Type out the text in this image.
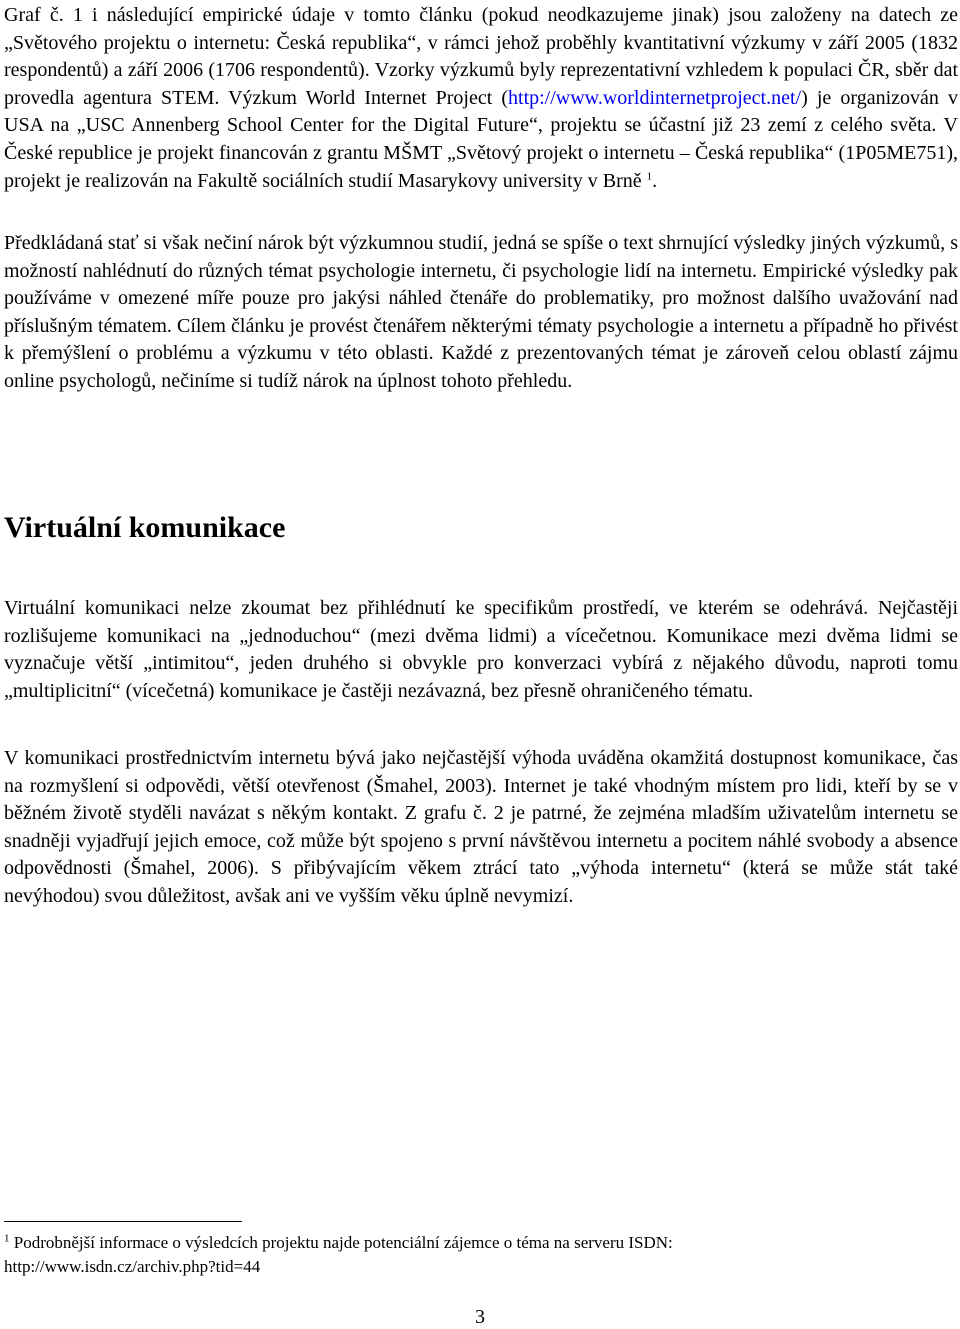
Graf č. 1 i následující empirické údaje v tomto článku (pokud neodkazujeme jinak) jsou založeny na datech ze „Světového projektu o internetu: Česká republika“, v rámci jehož proběhly kvantitativní výzkumy v září 2005 (1832 respondentů) a září 2006 (1706 respondentů). Vzorky výzkumů byly reprezentativní vzhledem k populaci ČR, sběr dat provedla agentura STEM. Výzkum World Internet Project (http://www.worldinternetproject.net/) je organizován v USA na „USC Annenberg School Center for the Digital Future“, projektu se účastní již 23 zemí z celého světa. V České republice je projekt financován z grantu MŠMT „Světový projekt o internetu – Česká republika“ (1P05ME751), projekt je realizován na Fakultě sociálních studií Masarykovy university v Brně $^1$.

Předkládaná stať si však nečiní nárok být výzkumnou studií, jedná se spíše o text shrnující výsledky jiných výzkumů, s možností nahlédnutí do různých témat psychologie internetu, či psychologie lidí na internetu. Empirické výsledky pak používáme v omezené míře pouze pro jakýsi náhled čtenáře do problematiky, pro možnost dalšího uvažování nad příslušným tématem. Cílem článku je provést čtenářem některými tématy psychologie a internetu a případně ho přivést k přemýšlení o problému a výzkumu v této oblasti. Každé z prezentovaných témat je zároveň celou oblastí zájmu online psychologů, nečiníme si tudíž nárok na úplnost tohoto přehledu.

Virtuální komunikace

Virtuální komunikaci nelze zkoumat bez přihlédnutí ke specifikům prostředí, ve kterém se odehrává. Nejčastěji rozlišujeme komunikaci na „jednoduchou“ (mezi dvěma lidmi) a vícečetnou. Komunikace mezi dvěma lidmi se vyznačuje větší „intimitou“, jeden druhého si obvykle pro konverzaci vybírá z nějakého důvodu, naproti tomu „multiplicitní“ (vícečetná) komunikace je častěji nezávazná, bez přesně ohraničeného tématu.

V komunikaci prostřednictvím internetu bývá jako nejčastější výhoda uváděna okamžitá dostupnost komunikace, čas na rozmyšlení si odpovědi, větší otevřenost (Šmahel, 2003). Internet je také vhodným místem pro lidi, kteří by se v běžném životě styděli navázat s někým kontakt. Z grafu č. 2 je patrné, že zejména mladším uživatelům internetu se snadněji vyjadřují jejich emoce, což může být spojeno s první návštěvou internetu a pocitem náhlé svobody a absence odpovědnosti (Šmahel, 2006). S přibývajícím věkem ztrácí tato „výhoda internetu“ (která se může stát také nevýhodou) svou důležitost, avšak ani ve vyšším věku úplně nevymizí.

$^1$ Podrobnější informace o výsledcích projektu najde potenciální zájemce o téma na serveru ISDN:
http://www.isdn.cz/archiv.php?tid=44

3
